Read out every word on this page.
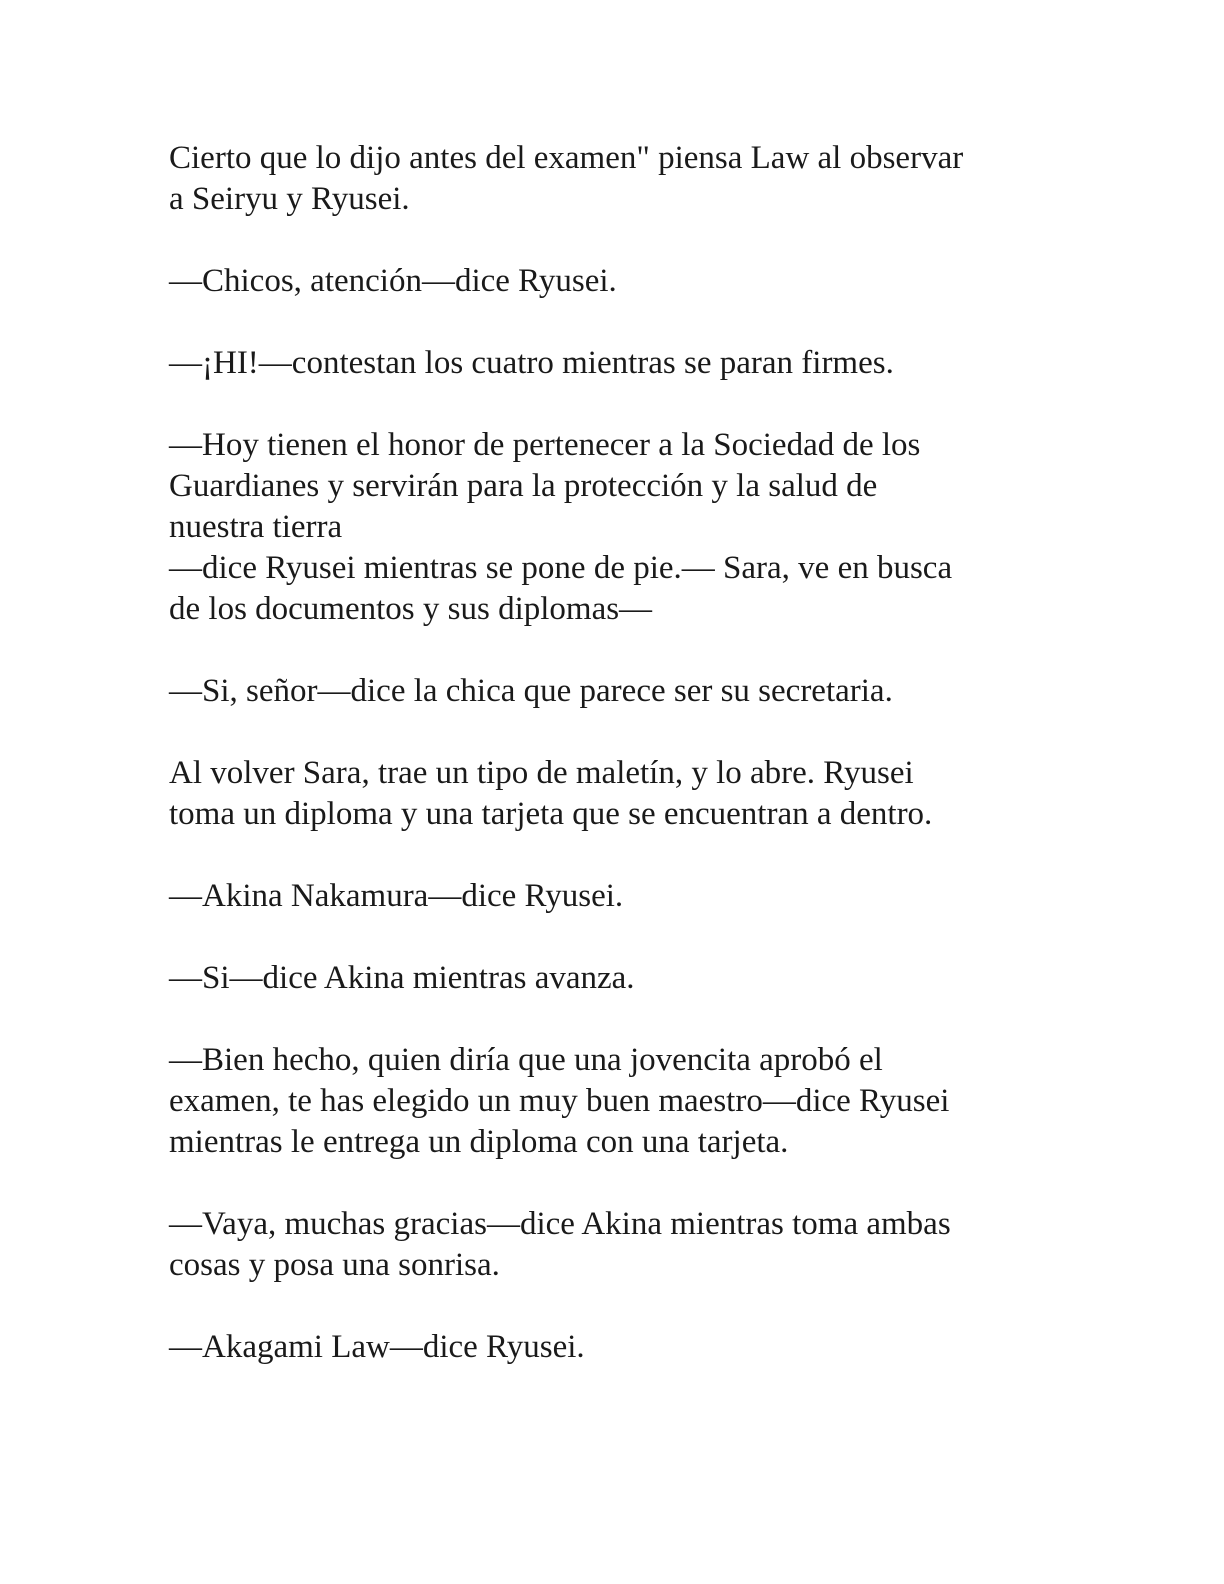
Cierto que lo dijo antes del examen" piensa Law al observar
a Seiryu y Ryusei.

—Chicos, atención—dice Ryusei.

—¡HI!—contestan los cuatro mientras se paran firmes.

—Hoy tienen el honor de pertenecer a la Sociedad de los
Guardianes y servirán para la protección y la salud de
nuestra tierra
—dice Ryusei mientras se pone de pie.— Sara, ve en busca
de los documentos y sus diplomas—

—Si, señor—dice la chica que parece ser su secretaria.

Al volver Sara, trae un tipo de maletín, y lo abre. Ryusei
toma un diploma y una tarjeta que se encuentran a dentro.

—Akina Nakamura—dice Ryusei.

—Si—dice Akina mientras avanza.

—Bien hecho, quien diría que una jovencita aprobó el
examen, te has elegido un muy buen maestro—dice Ryusei
mientras le entrega un diploma con una tarjeta.

—Vaya, muchas gracias—dice Akina mientras toma ambas
cosas y posa una sonrisa.

—Akagami Law—dice Ryusei.
